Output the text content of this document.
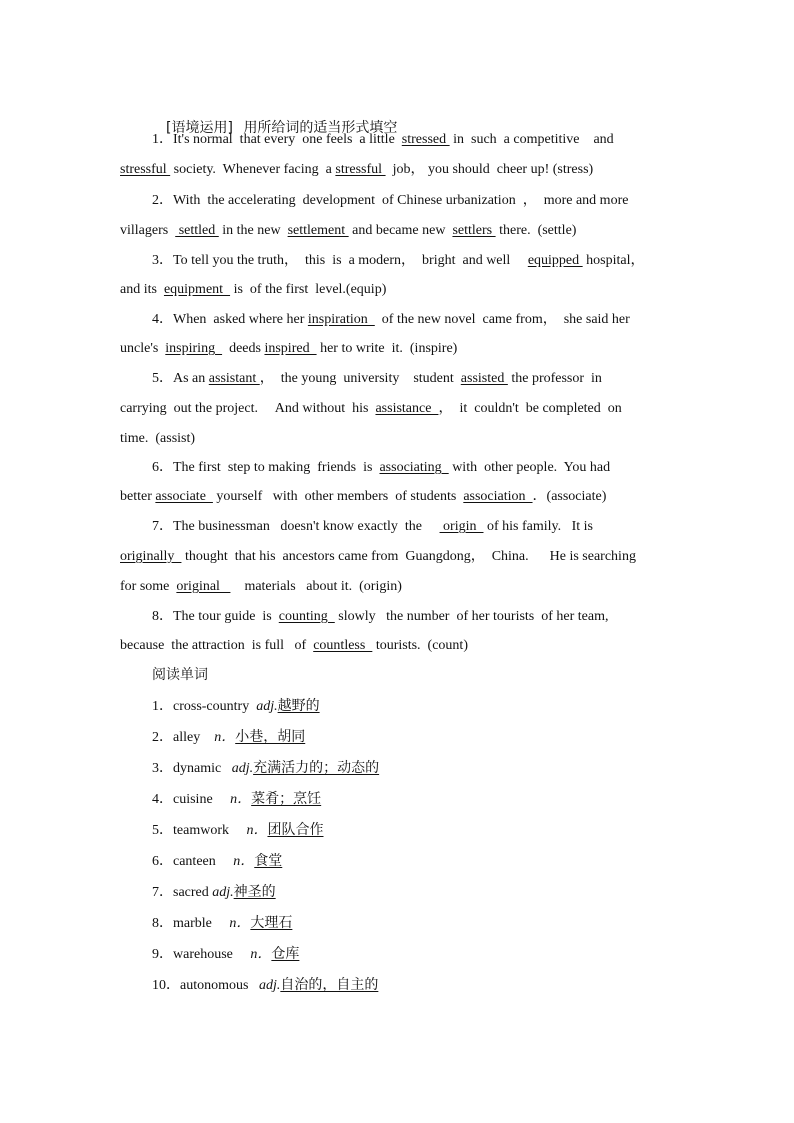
[语境运用] 用所给词的适当形式填空

1．It's normal  that every  one feels  a little  stressed  in  such  a competitive    and
stressful  society.  Whenever facing  a stressful   job， you should  cheer up! (stress)
2．With  the accelerating  development  of Chinese urbanization  ，  more and more
villagers   settled  in the new  settlement  and became new  settlers  there.  (settle)
3．To tell you the truth，  this  is  a modern，  bright  and well     equipped  hospital，
and its  equipment   is  of the first  level.(equip)
4．When  asked where her inspiration    of the new novel  came from，  she said her
uncle's  inspiring    deeds inspired   her to write  it.  (inspire)
5．As an assistant ，  the young  university    student  assisted  the professor  in
carrying  out the project.     And without  his  assistance  ，  it  couldn't  be completed  on
time.  (assist)
6．The first  step to making  friends  is  associating   with  other people.  You had
better associate   yourself   with  other members  of students  association  ．(associate)
7．The businessman   doesn't know exactly  the      origin   of his family.   It is
originally   thought  that his  ancestors came from  Guangdong，  China.      He is searching
for some  original       materials   about it.  (origin)
8．The tour guide  is  counting   slowly   the number  of her tourists  of her team,
because  the attraction  is full   of  countless   tourists.  (count)
阅读单词
1．cross-country  adj.越野的
2．alley    n．小巷，胡同
3．dynamic   adj.充满活力的；动态的
4．cuisine     n．菜肴；烹饪
5．teamwork     n．团队合作
6．canteen     n．食堂
7．sacred adj.神圣的
8．marble     n．大理石
9．warehouse     n．仓库
10．autonomous   adj.自治的，自主的
